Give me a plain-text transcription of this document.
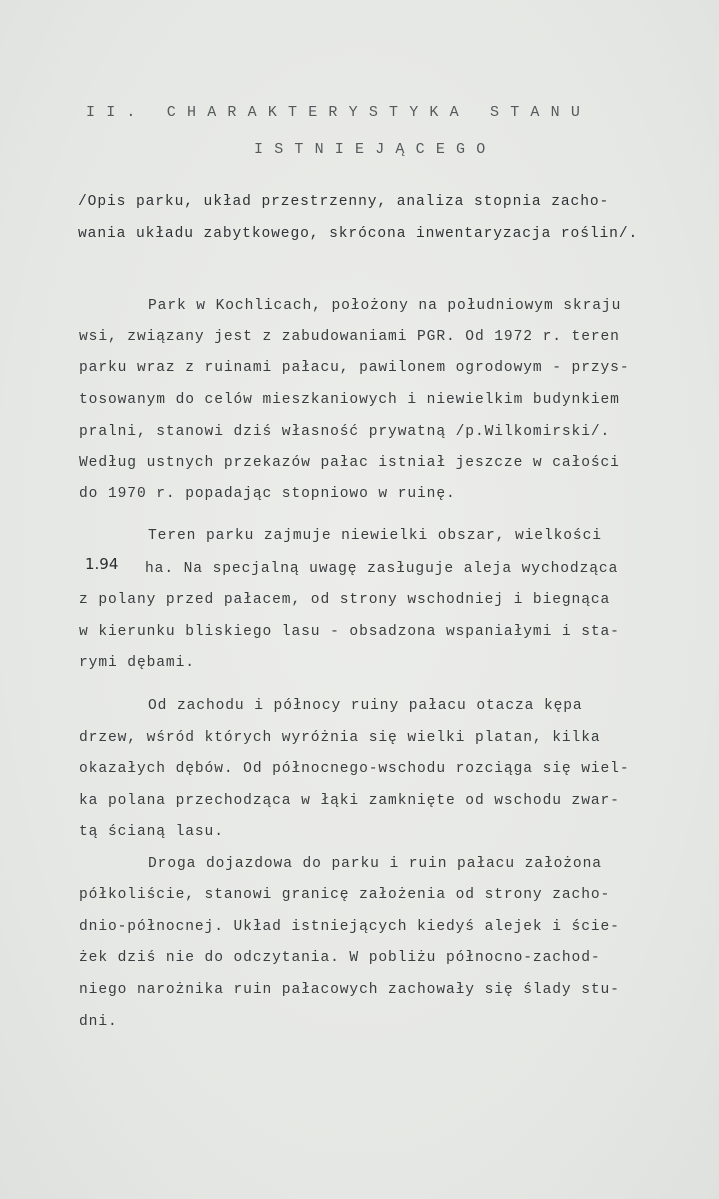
II. CHARAKTERYSTYKA STANU
ISTNIEJĄCEGO
/Opis parku, układ przestrzenny, analiza stopnia zacho-
wania układu zabytkowego, skrócona inwentaryzacja roślin/.
Park w Kochlicach, położony na południowym skraju
wsi, związany jest z zabudowaniami PGR. Od 1972 r. teren
parku wraz z ruinami pałacu, pawilonem ogrodowym - przys-
tosowanym do celów mieszkaniowych i niewielkim budynkiem
pralni, stanowi dziś własność prywatną /p.Wilkomirski/.
Według ustnych przekazów pałac istniał jeszcze w całości
do 1970 r. popadając stopniowo w ruinę.
Teren parku zajmuje niewielki obszar, wielkości
1.94 ha. Na specjalną uwagę zasługuje aleja wychodząca
z polany przed pałacem, od strony wschodniej i biegnąca
w kierunku bliskiego lasu - obsadzona wspaniałymi i sta-
rymi dębami.
Od zachodu i północy ruiny pałacu otacza kępa
drzew, wśród których wyróżnia się wielki platan, kilka
okazałych dębów. Od północnego-wschodu rozciąga się wiel-
ka polana przechodząca w łąki zamknięte od wschodu zwar-
tą ścianą lasu.
Droga dojazdowa do parku i ruin pałacu założona
półkoliście, stanowi granicę założenia od strony zacho-
dnio-północnej. Układ istniejących kiedyś alejek i ście-
żek dziś nie do odczytania. W pobliżu północno-zachod-
niego narożnika ruin pałacowych zachowały się ślady stu-
dni.
